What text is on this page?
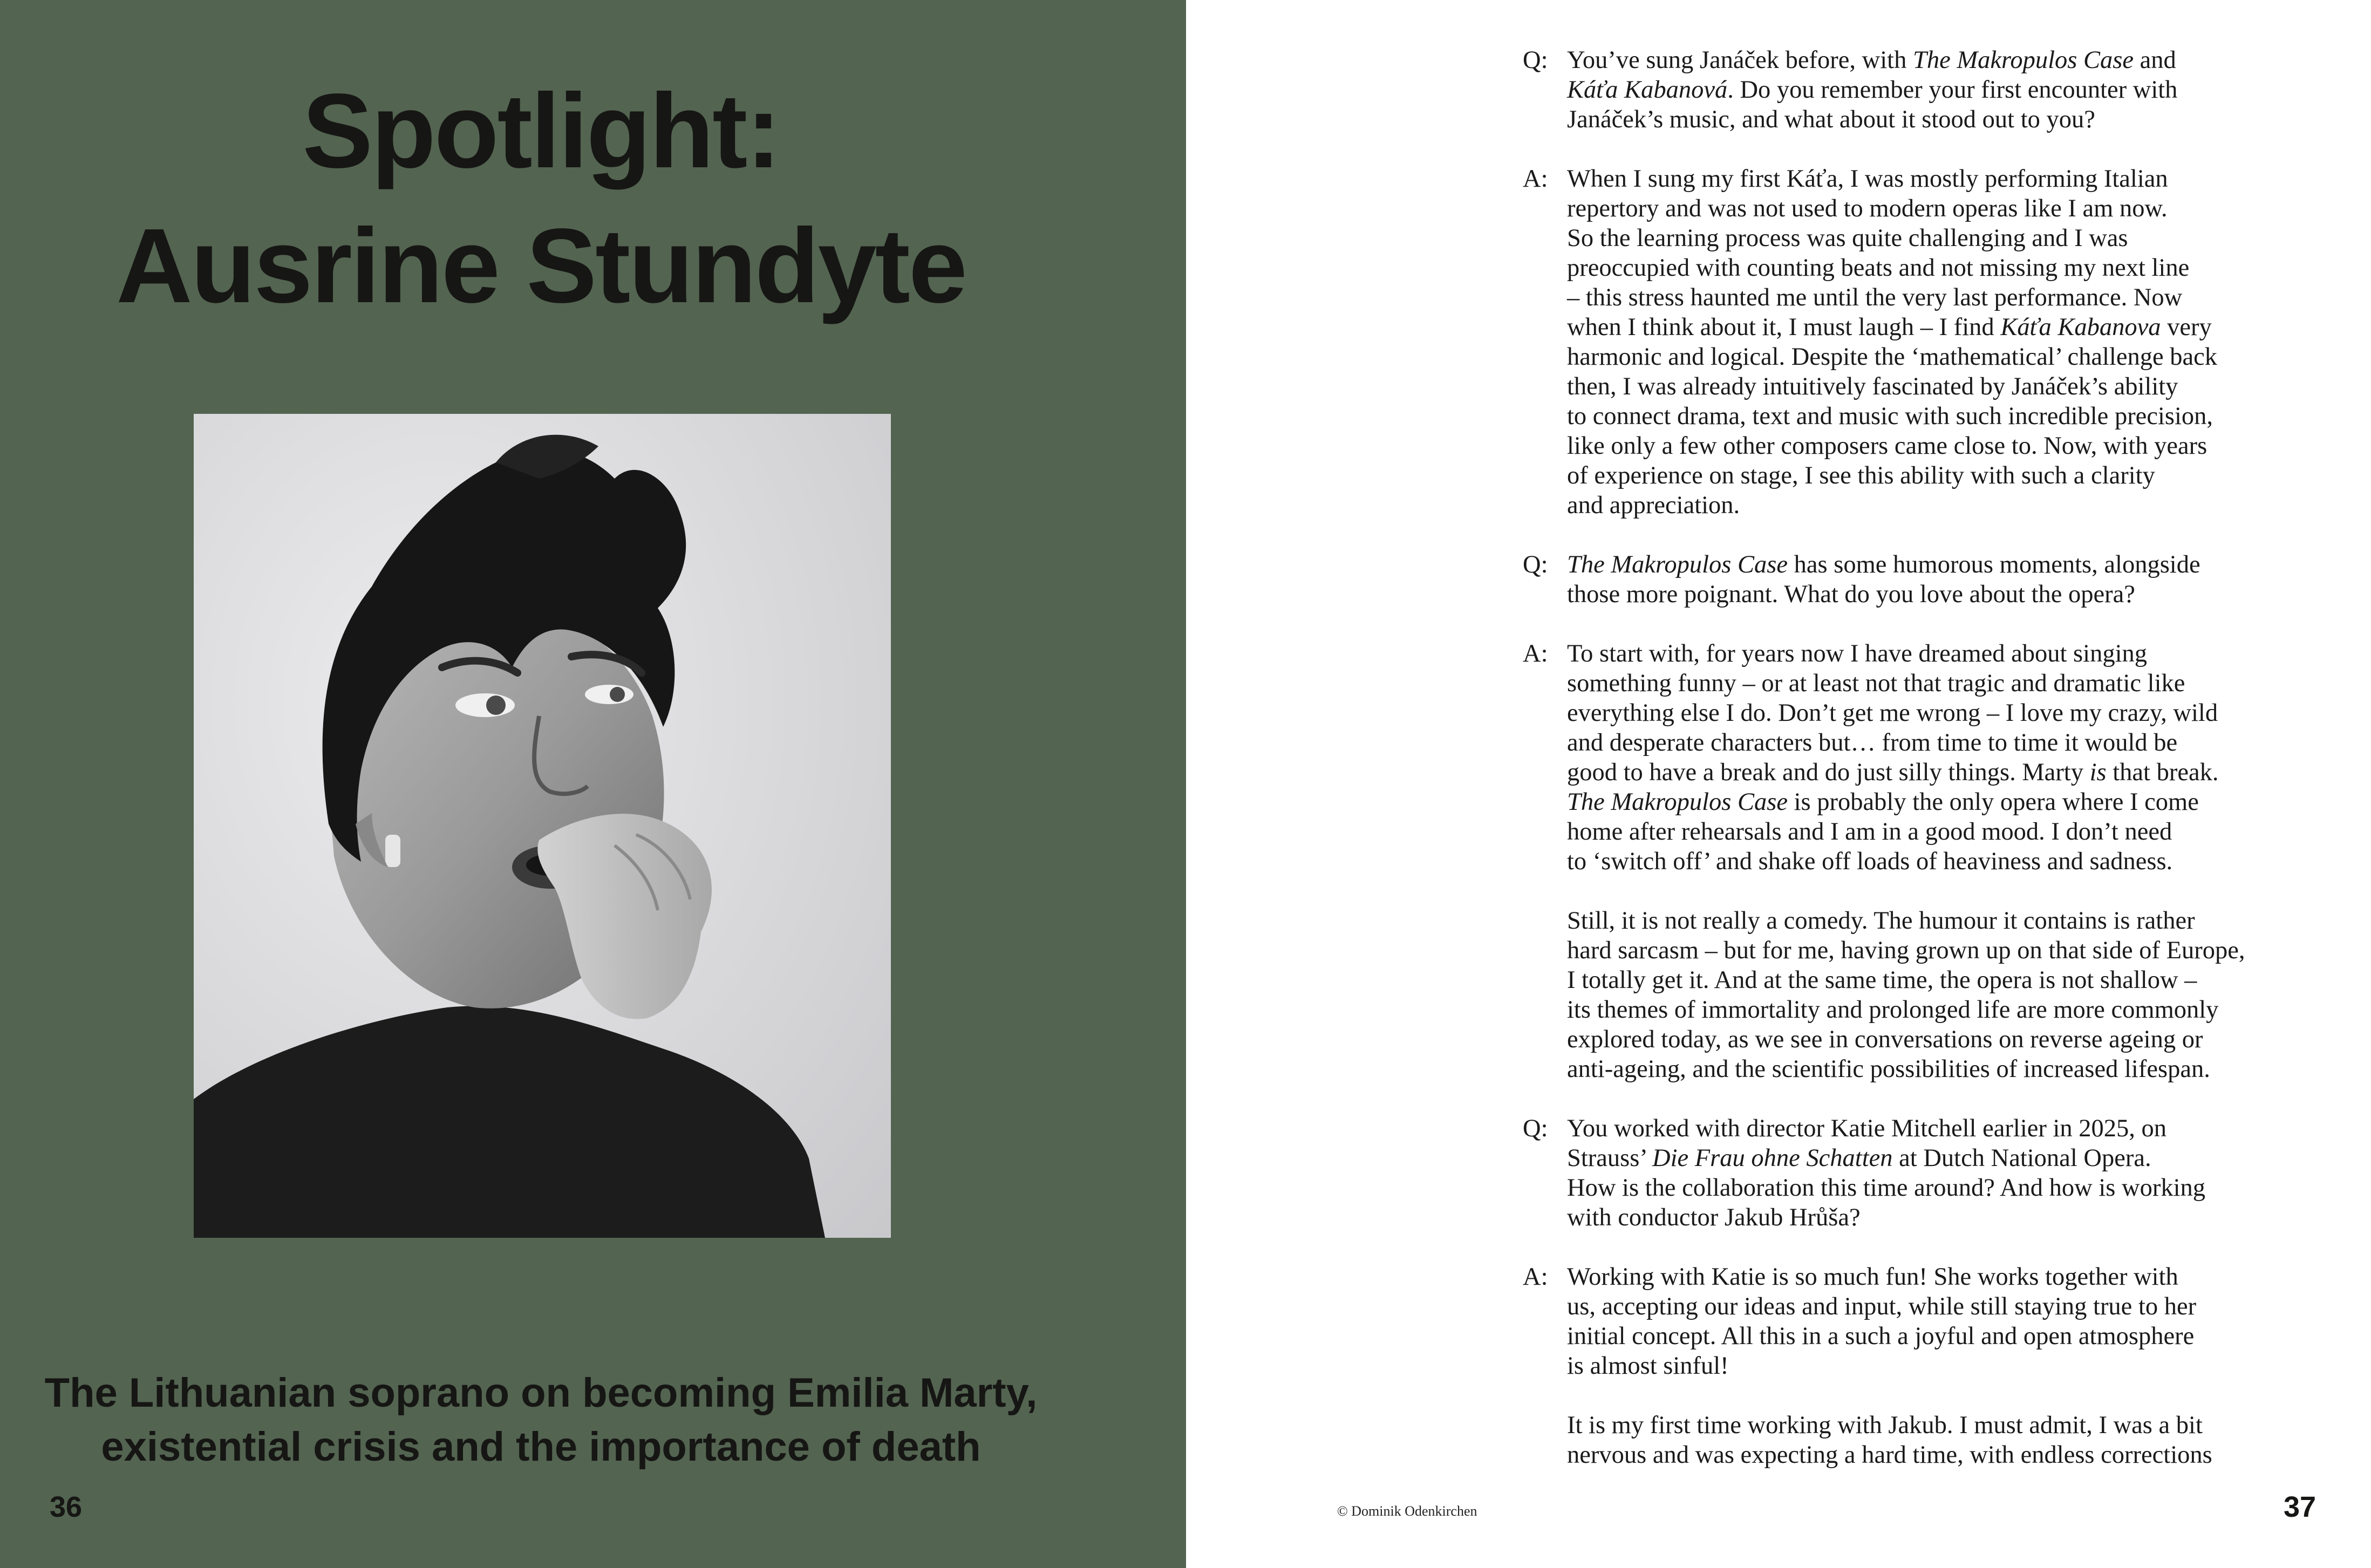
Spotlight:
Ausrine Stundyte
The Lithuanian soprano on becoming Emilia Marty,
existential crisis and the importance of death

36	© Dominik Odenkirchen

Q: You’ve sung Janáček before, with The Makropulos Case and
Káťa Kabanová. Do you remember your first encounter with
Janáček’s music, and what about it stood out to you?

A: When I sung my first Káťa, I was mostly performing Italian
repertory and was not used to modern operas like I am now.
So the learning process was quite challenging and I was
preoccupied with counting beats and not missing my next line
– this stress haunted me until the very last performance. Now
when I think about it, I must laugh – I find Káťa Kabanova very
harmonic and logical. Despite the ‘mathematical’ challenge back
then, I was already intuitively fascinated by Janáček’s ability
to connect drama, text and music with such incredible precision,
like only a few other composers came close to. Now, with years
of experience on stage, I see this ability with such a clarity
and appreciation.

Q: The Makropulos Case has some humorous moments, alongside
those more poignant. What do you love about the opera?

A: To start with, for years now I have dreamed about singing
something funny – or at least not that tragic and dramatic like
everything else I do. Don’t get me wrong – I love my crazy, wild
and desperate characters but… from time to time it would be
good to have a break and do just silly things. Marty is that break.
The Makropulos Case is probably the only opera where I come
home after rehearsals and I am in a good mood. I don’t need
to ‘switch off’ and shake off loads of heaviness and sadness.

Still, it is not really a comedy. The humour it contains is rather
hard sarcasm – but for me, having grown up on that side of Europe,
I totally get it. And at the same time, the opera is not shallow –
its themes of immortality and prolonged life are more commonly
explored today, as we see in conversations on reverse ageing or
anti-ageing, and the scientific possibilities of increased lifespan.

Q: You worked with director Katie Mitchell earlier in 2025, on
Strauss’ Die Frau ohne Schatten at Dutch National Opera.
How is the collaboration this time around? And how is working
with conductor Jakub Hrůša?

A: Working with Katie is so much fun! She works together with
us, accepting our ideas and input, while still staying true to her
initial concept. All this in a such a joyful and open atmosphere
is almost sinful!

It is my first time working with Jakub. I must admit, I was a bit
nervous and was expecting a hard time, with endless corrections

37
